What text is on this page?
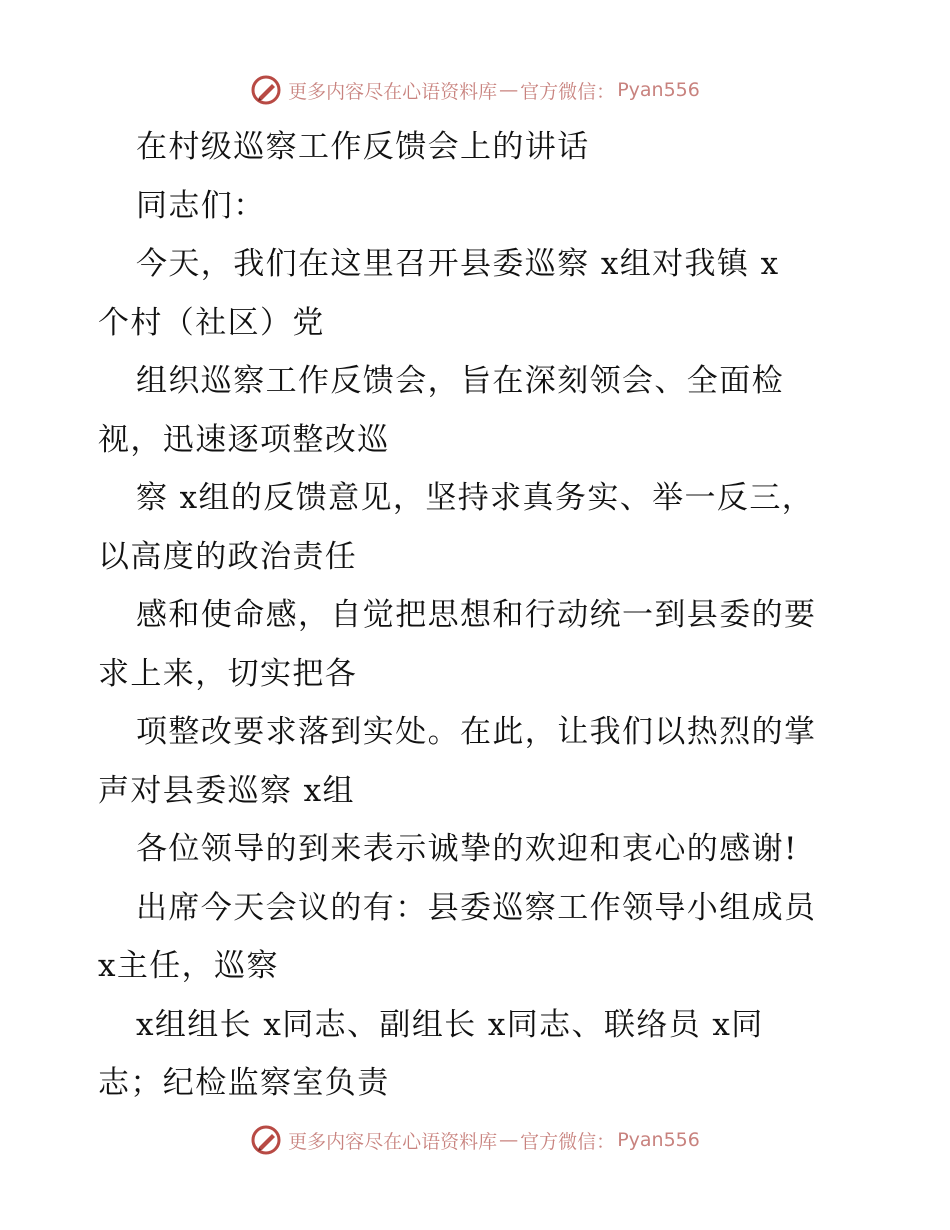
更多内容尽在心语资料库 — 官方微信： Pyan556
在村级巡察工作反馈会上的讲话
同志们：
今天，我们在这里召开县委巡察 x组对我镇 x
个村（社区）党
组织巡察工作反馈会，旨在深刻领会、全面检
视，迅速逐项整改巡
察 x组的反馈意见，坚持求真务实、举一反三，
以高度的政治责任
感和使命感，自觉把思想和行动统一到县委的要
求上来，切实把各
项整改要求落到实处。在此，让我们以热烈的掌
声对县委巡察 x组
各位领导的到来表示诚挚的欢迎和衷心的感谢!
出席今天会议的有：县委巡察工作领导小组成员
x主任，巡察
x组组长 x同志、副组长 x同志、联络员 x同
志；纪检监察室负责
更多内容尽在心语资料库 — 官方微信： Pyan556
